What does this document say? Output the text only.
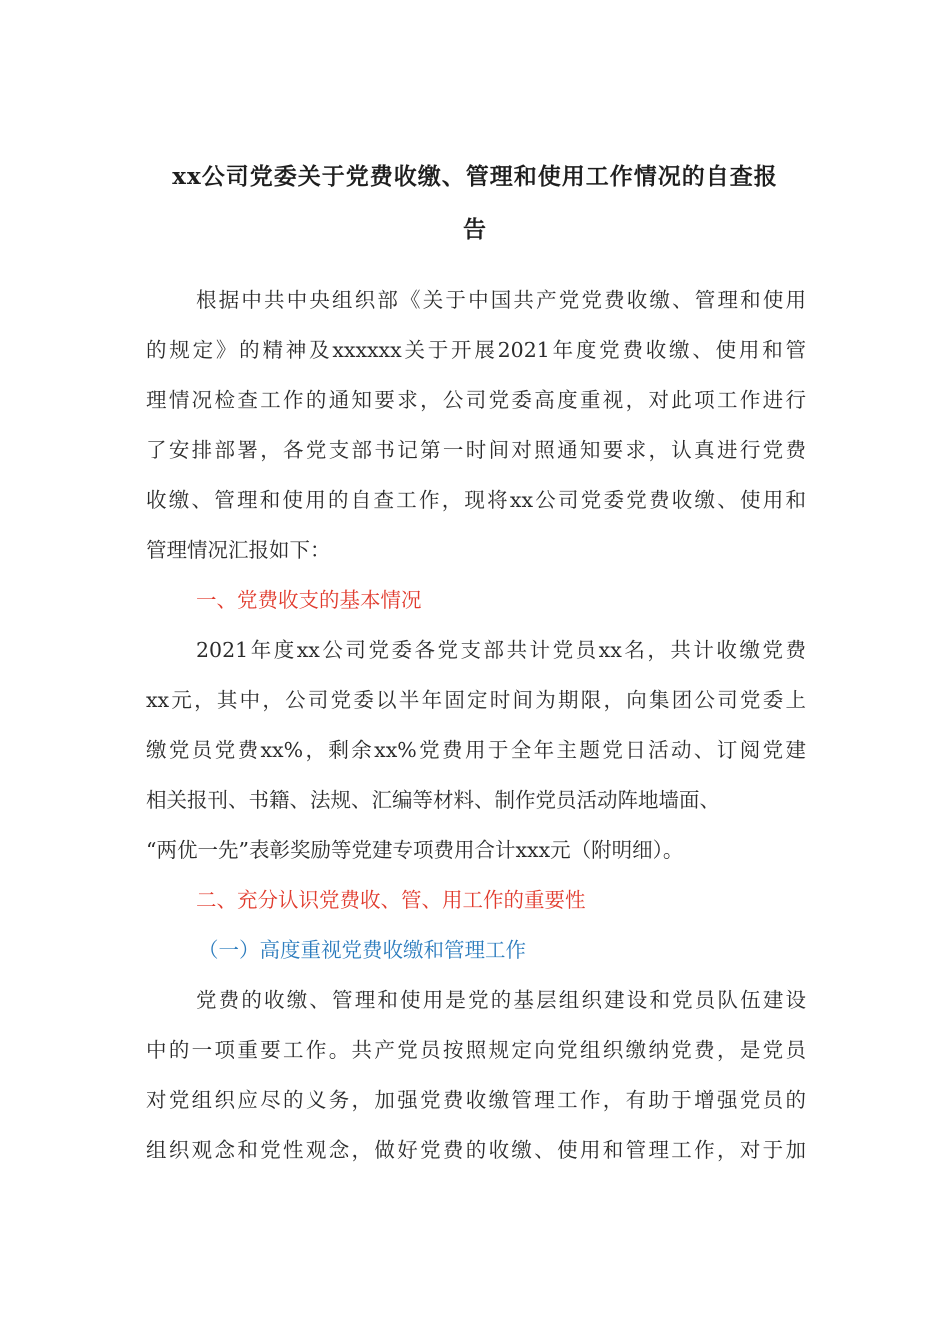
xx公司党委关于党费收缴、管理和使用工作情况的自查报
告

根据中共中央组织部《关于中国共产党党费收缴、管理和使用

的规定》的精神及xxxxxx关于开展2021年度党费收缴、使用和管

理情况检查工作的通知要求，公司党委高度重视，对此项工作进行

了安排部署，各党支部书记第一时间对照通知要求，认真进行党费

收缴、管理和使用的自查工作，现将xx公司党委党费收缴、使用和

管理情况汇报如下：

一、党费收支的基本情况

2021年度xx公司党委各党支部共计党员xx名，共计收缴党费

xx元，其中，公司党委以半年固定时间为期限，向集团公司党委上

缴党员党费xx%，剩余xx%党费用于全年主题党日活动、订阅党建

相关报刊、书籍、法规、汇编等材料、制作党员活动阵地墙面、

“两优一先”表彰奖励等党建专项费用合计xxx元（附明细）。

二、充分认识党费收、管、用工作的重要性

（一）高度重视党费收缴和管理工作

党费的收缴、管理和使用是党的基层组织建设和党员队伍建设

中的一项重要工作。共产党员按照规定向党组织缴纳党费，是党员

对党组织应尽的义务，加强党费收缴管理工作，有助于增强党员的

组织观念和党性观念，做好党费的收缴、使用和管理工作，对于加
